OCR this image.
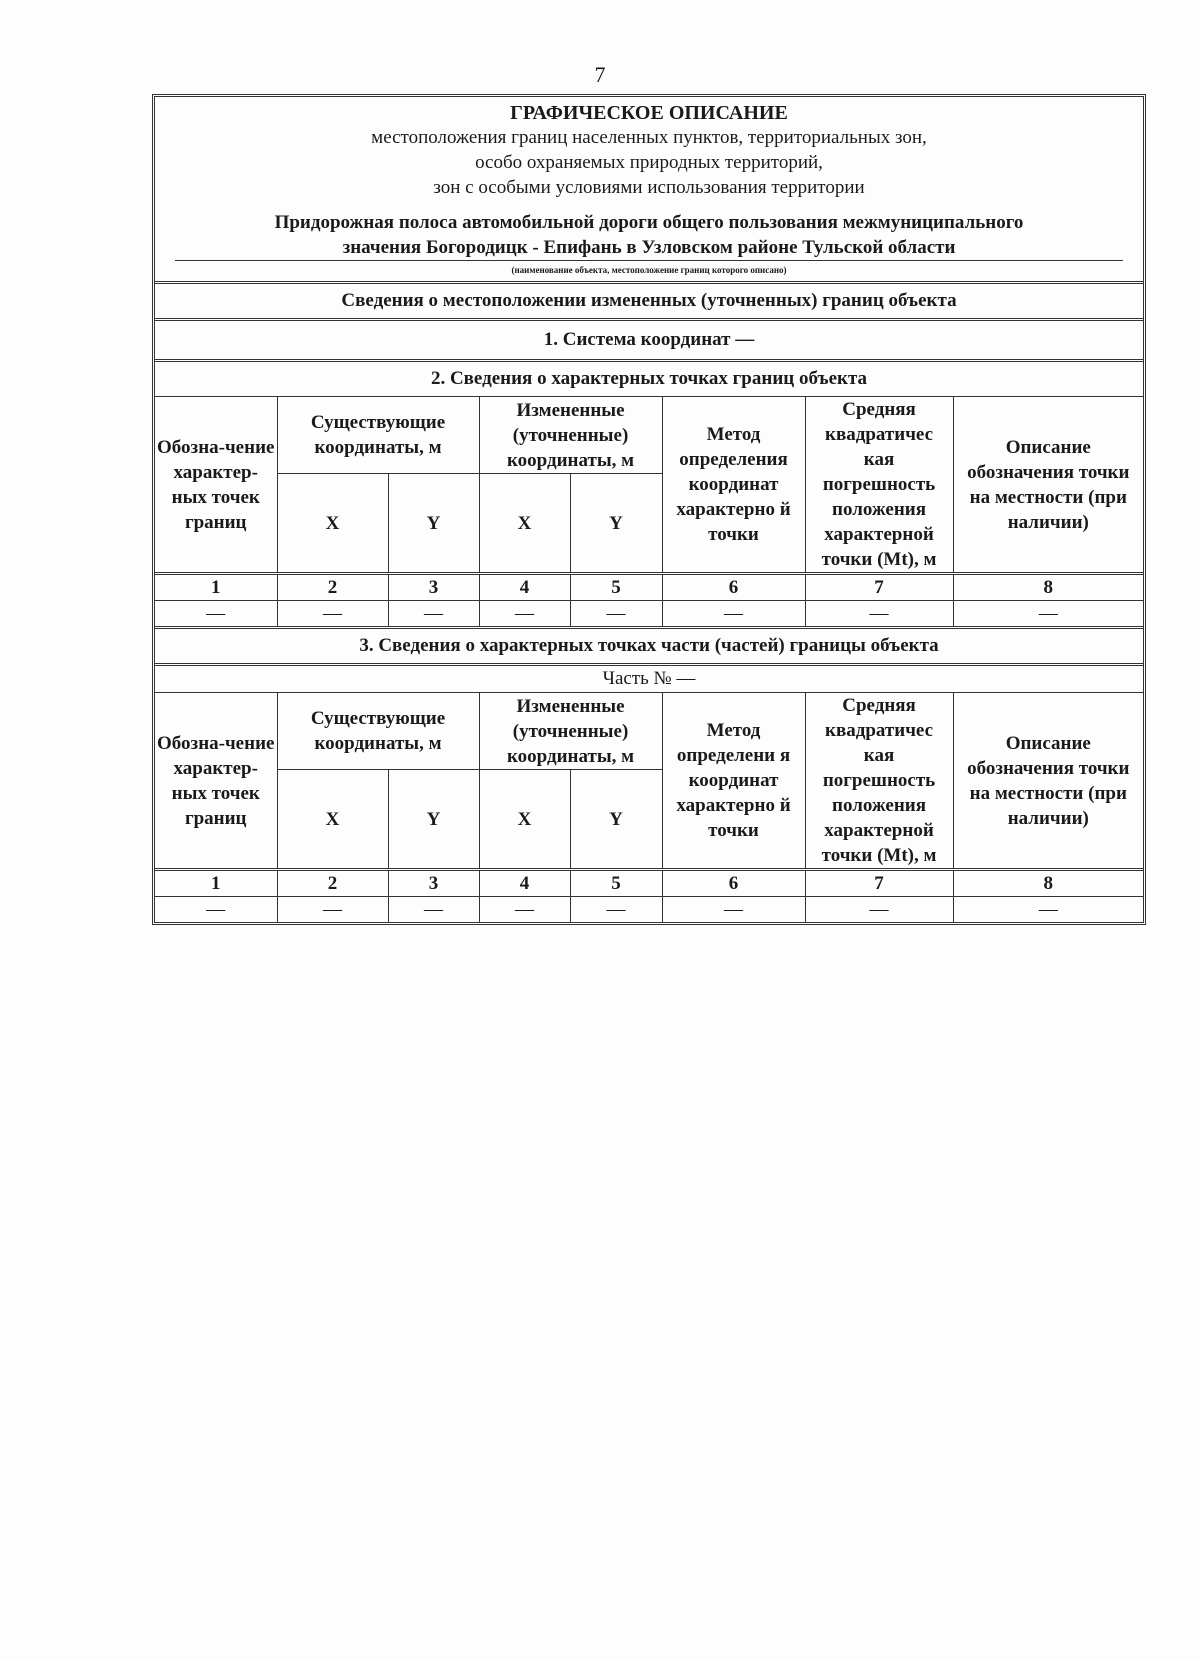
7
ГРАФИЧЕСКОЕ ОПИСАНИЕ
местоположения границ населенных пунктов, территориальных зон,
особо охраняемых природных территорий,
зон с особыми условиями использования территории
Придорожная полоса автомобильной дороги общего пользования межмуниципального
значения Богородицк - Епифань в Узловском районе Тульской области
(наименование объекта, местоположение границ которого описано)
Сведения о местоположении измененных (уточненных) границ объекта
1. Система координат —
2. Сведения о характерных точках границ объекта
Обозна-чение характер-ных точек границ	Существующие координаты, м		Измененные (уточненные) координаты, м		Метод определения координат характерно й точки	Средняя квадратичес кая погрешность положения характерной точки (Mt), м	Описание обозначения точки на местности (при наличии)
	X	Y	X	Y			
1	2	3	4	5	6	7	8
—	—	—	—	—	—	—	—
3. Сведения о характерных точках части (частей) границы объекта
Часть № —
Обозна-чение характер-ных точек границ	Существующие координаты, м		Измененные (уточненные) координаты, м		Метод определени я координат характерно й точки	Средняя квадратичес кая погрешность положения характерной точки (Mt), м	Описание обозначения точки на местности (при наличии)
	X	Y	X	Y			
1	2	3	4	5	6	7	8
—	—	—	—	—	—	—	—
